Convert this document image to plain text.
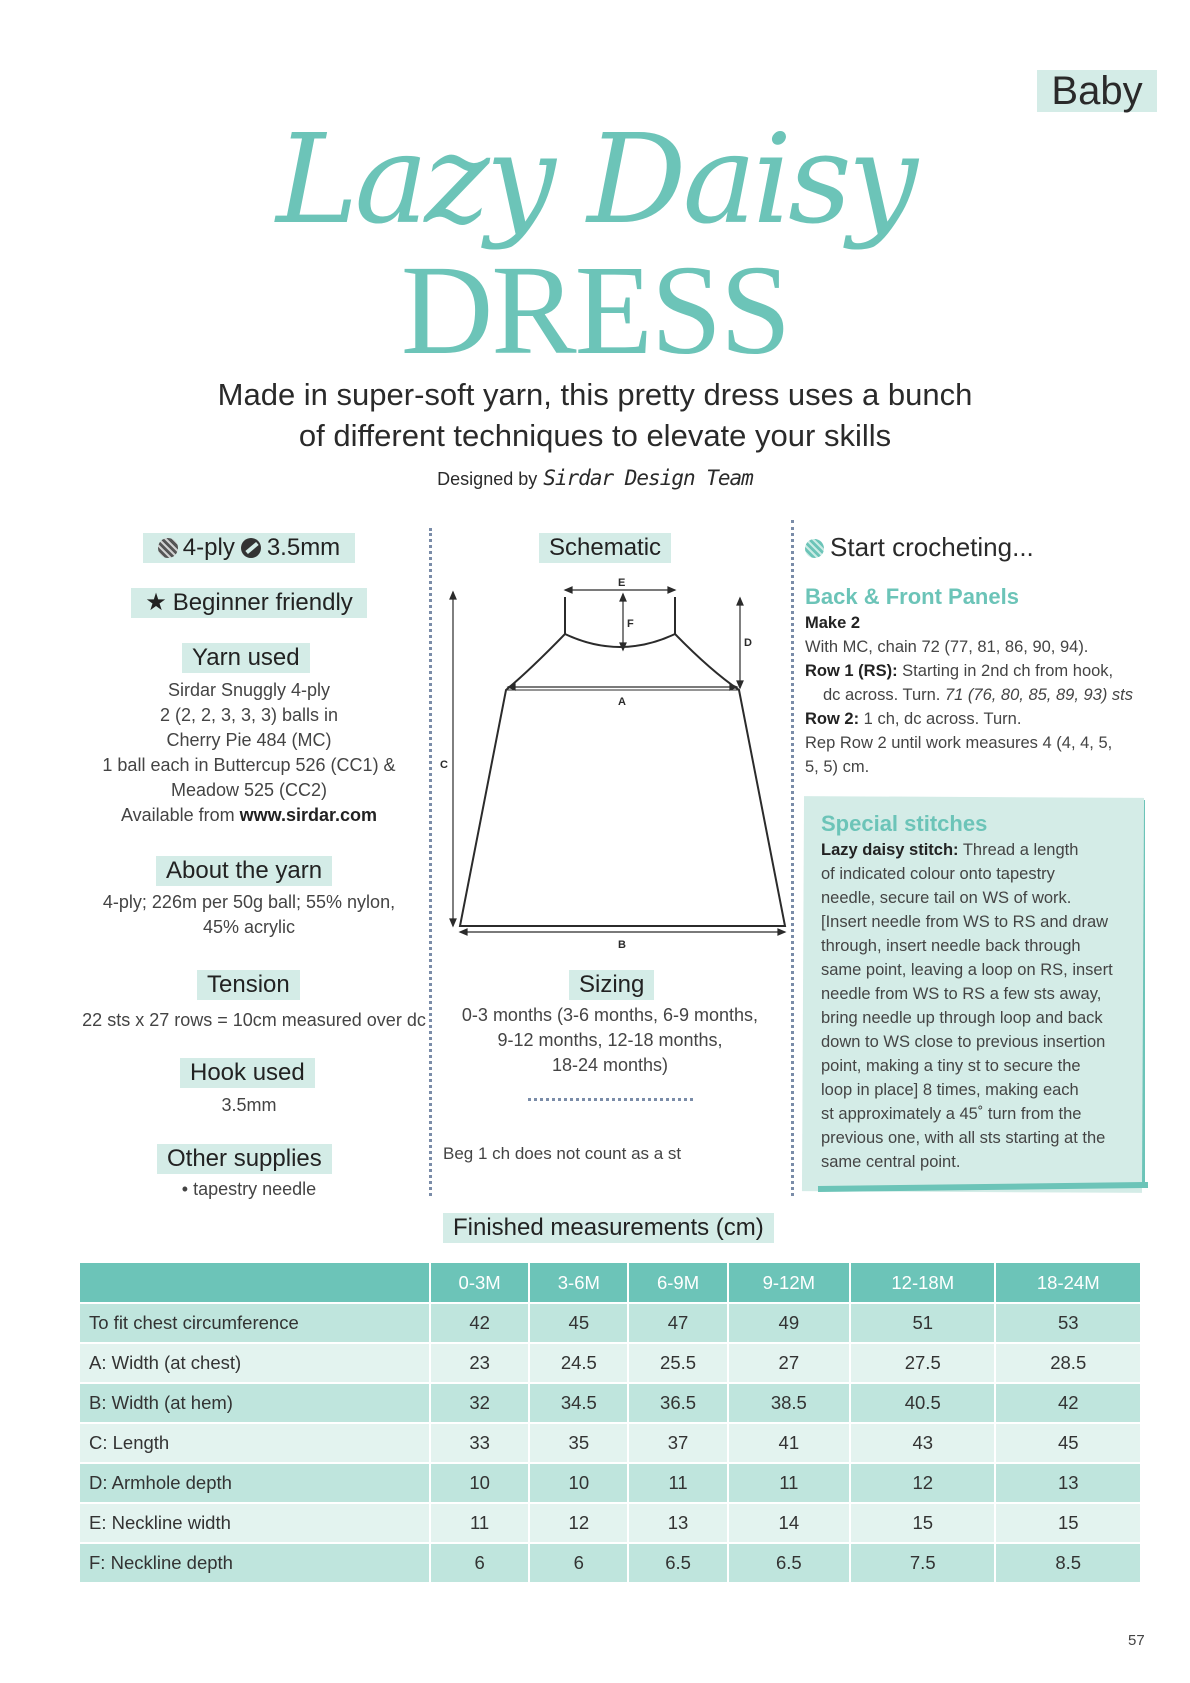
Baby
Lazy Daisy
DRESS
Made in super-soft yarn, this pretty dress uses a bunch
of different techniques to elevate your skills
Designed by Sirdar Design Team
4-ply 3.5mm
★ Beginner friendly
Yarn used
Sirdar Snuggly 4-ply
2 (2, 2, 3, 3, 3) balls in
Cherry Pie 484 (MC)
1 ball each in Buttercup 526 (CC1) &
Meadow 525 (CC2)
Available from www.sirdar.com
About the yarn
4-ply; 226m per 50g ball; 55% nylon,
45% acrylic
Tension
22 sts x 27 rows = 10cm measured over dc
Hook used
3.5mm
Other supplies
• tapestry needle
Schematic
E
F
A
B
C
D
Sizing
0-3 months (3-6 months, 6-9 months,
9-12 months, 12-18 months,
18-24 months)
Beg 1 ch does not count as a st
Start crocheting...
Back & Front Panels
Make 2
With MC, chain 72 (77, 81, 86, 90, 94).
Row 1 (RS): Starting in 2nd ch from hook,
dc across. Turn. 71 (76, 80, 85, 89, 93) sts
Row 2: 1 ch, dc across. Turn.
Rep Row 2 until work measures 4 (4, 4, 5,
5, 5) cm.
Special stitches
Lazy daisy stitch: Thread a length
of indicated colour onto tapestry
needle, secure tail on WS of work.
[Insert needle from WS to RS and draw
through, insert needle back through
same point, leaving a loop on RS, insert
needle from WS to RS a few sts away,
bring needle up through loop and back
down to WS close to previous insertion
point, making a tiny st to secure the
loop in place] 8 times, making each
st approximately a 45˚ turn from the
previous one, with all sts starting at the
same central point.
Finished measurements (cm)
	0-3M	3-6M	6-9M	9-12M	12-18M	18-24M
To fit chest circumference	42	45	47	49	51	53
A: Width (at chest)	23	24.5	25.5	27	27.5	28.5
B: Width (at hem)	32	34.5	36.5	38.5	40.5	42
C: Length	33	35	37	41	43	45
D: Armhole depth	10	10	11	11	12	13
E: Neckline width	11	12	13	14	15	15
F: Neckline depth	6	6	6.5	6.5	7.5	8.5
57
